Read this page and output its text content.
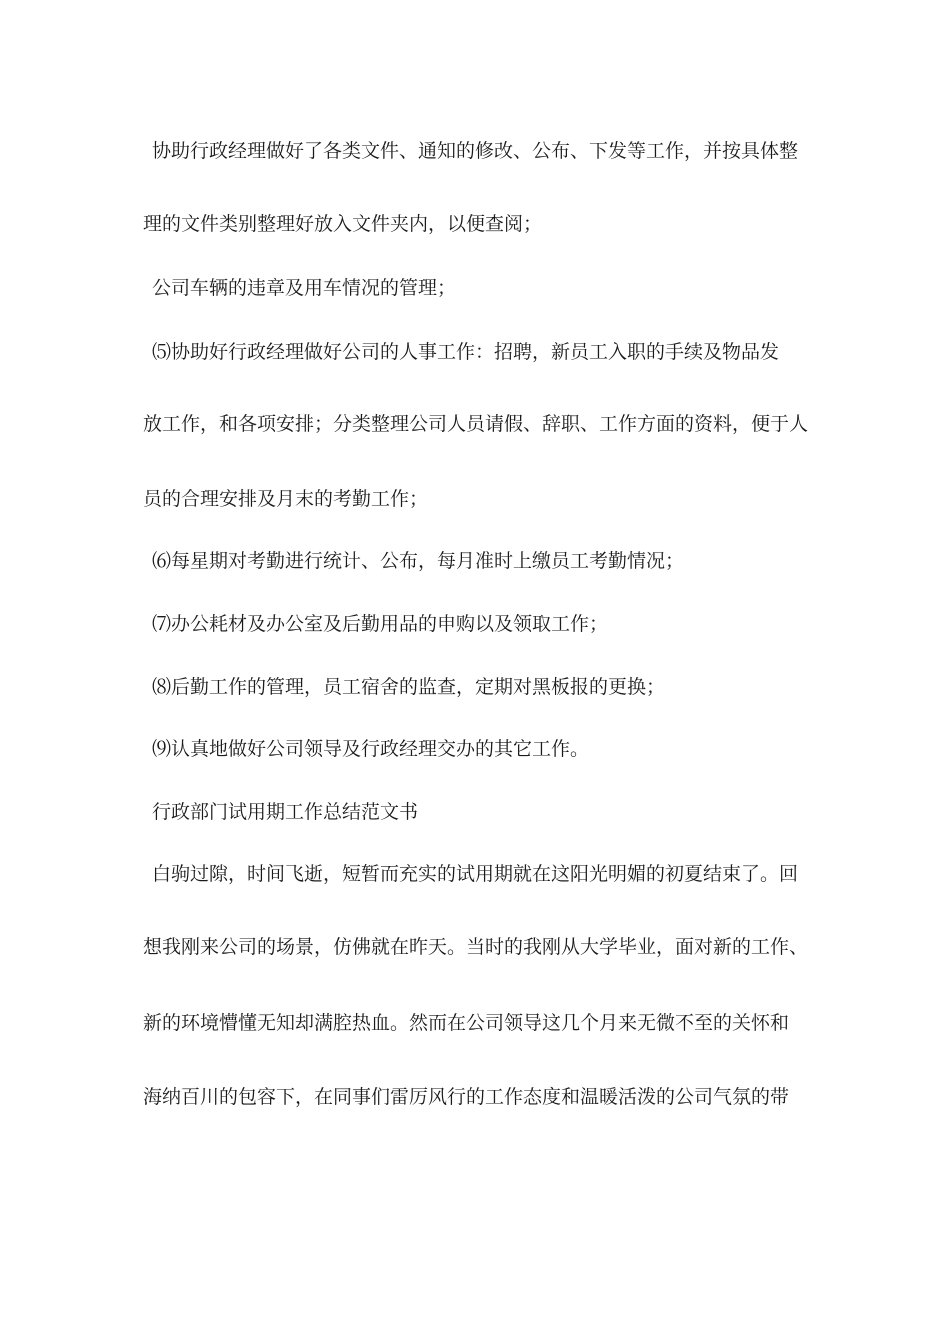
协助行政经理做好了各类文件、通知的修改、公布、下发等工作，并按具体整
理的文件类别整理好放入文件夹内，以便查阅；
公司车辆的违章及用车情况的管理；
⑸协助好行政经理做好公司的人事工作：招聘，新员工入职的手续及物品发
放工作，和各项安排；分类整理公司人员请假、辞职、工作方面的资料，便于人
员的合理安排及月末的考勤工作；
⑹每星期对考勤进行统计、公布，每月准时上缴员工考勤情况；
⑺办公耗材及办公室及后勤用品的申购以及领取工作；
⑻后勤工作的管理，员工宿舍的监查，定期对黑板报的更换；
⑼认真地做好公司领导及行政经理交办的其它工作。
行政部门试用期工作总结范文书
白驹过隙，时间飞逝，短暂而充实的试用期就在这阳光明媚的初夏结束了。回
想我刚来公司的场景，仿佛就在昨天。当时的我刚从大学毕业，面对新的工作、
新的环境懵懂无知却满腔热血。然而在公司领导这几个月来无微不至的关怀和
海纳百川的包容下，在同事们雷厉风行的工作态度和温暖活泼的公司气氛的带
